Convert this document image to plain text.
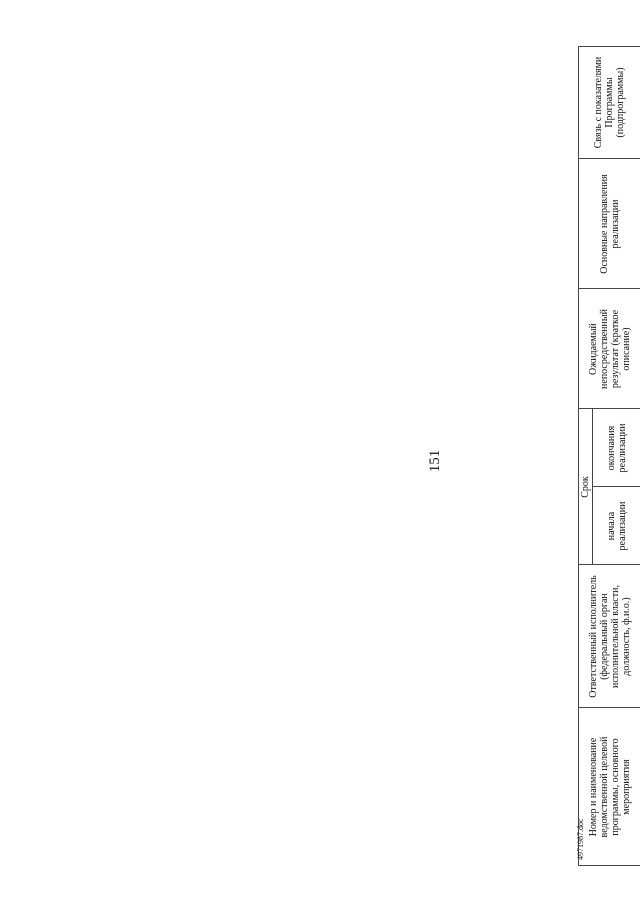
151
Номер и наименование ведомственной целевой программы, основного мероприятия
Ответственный исполнитель (федеральный орган исполнительной власти, должность, ф.и.о.)
Срок
начала реализации
окончания реализации
Ожидаемый непосредственный результат (краткое описание)
Основные направления реализации
Связь с показателями Программы (подпрограммы)
4971987.doc
